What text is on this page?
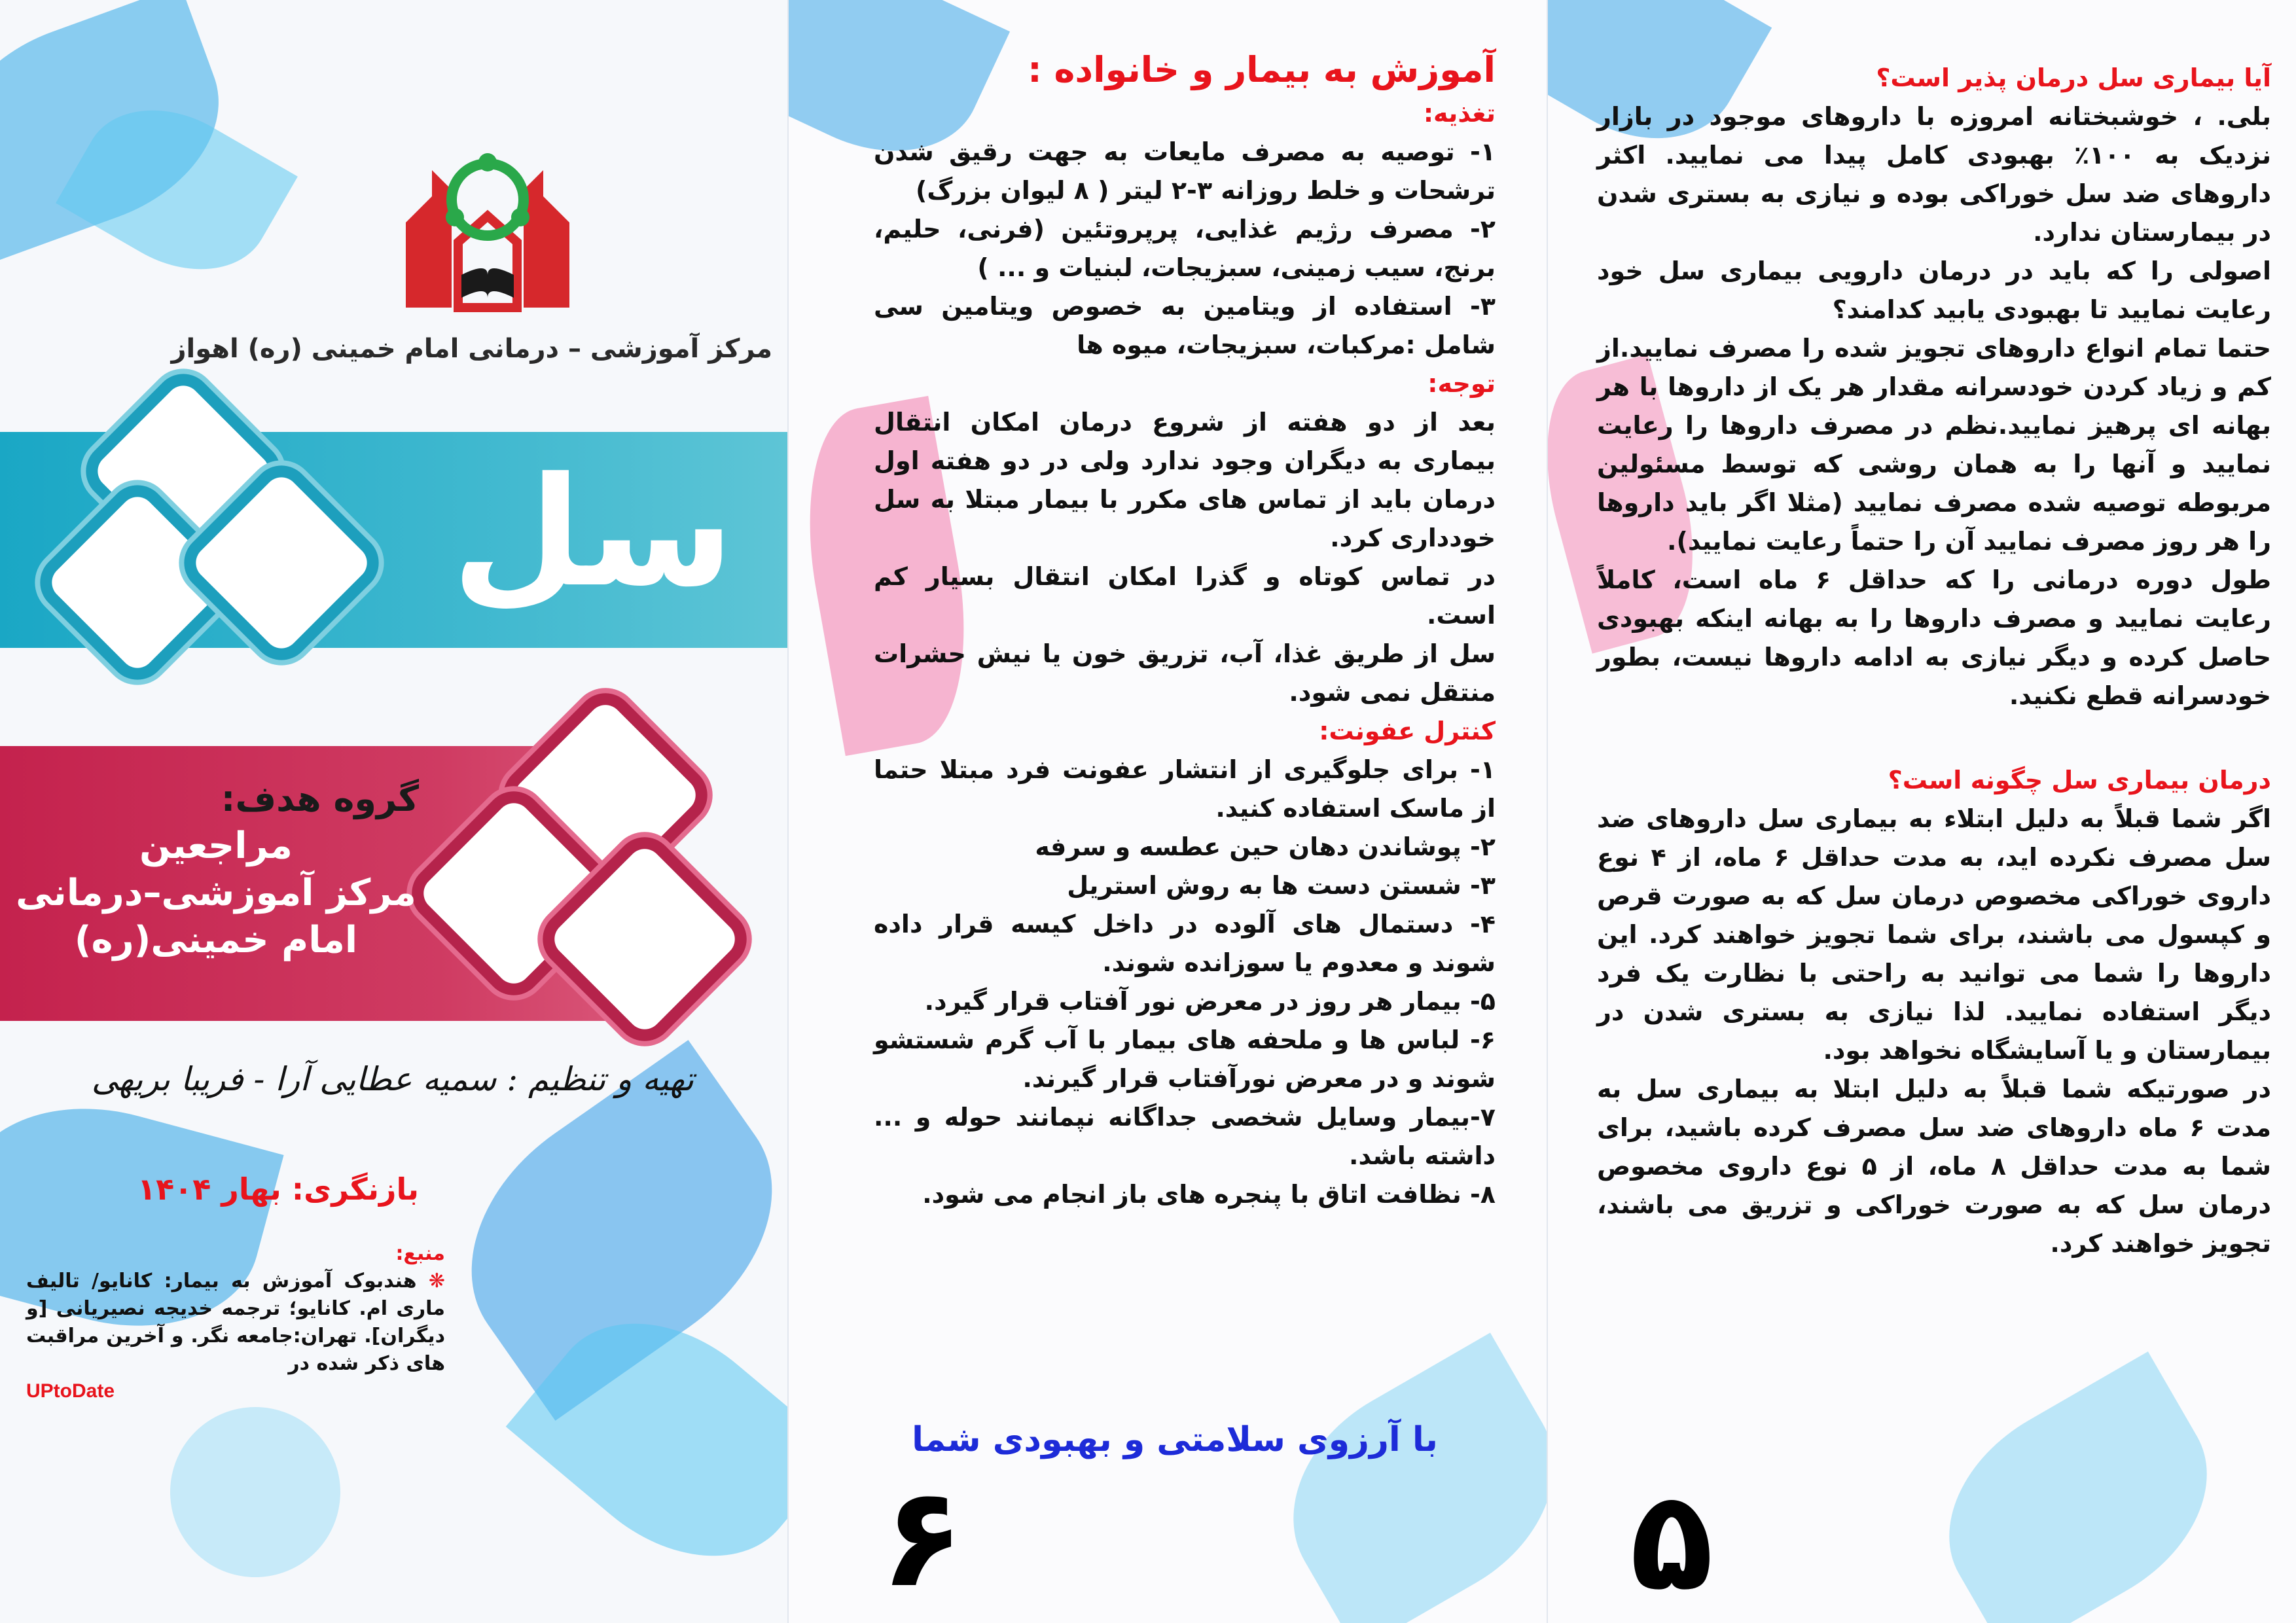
مرکز آموزشی – درمانی امام خمینی (ره) اهواز
سل
گروه هدف:
مراجعین
مرکز آموزشی–درمانی
امام خمینی(ره)
تهیه و تنظیم : سمیه عطایی آرا - فریبا بریهی
بازنگری: بهار ۱۴۰۴
منبع:
❋ هندبوک آموزش به بیمار: کانایو/ تالیف ماری ام. کانایو؛ ترجمه خدیجه نصیریانی [و دیگران]. تهران:جامعه نگر. و آخرین مراقبت های ذکر شده در
UPtoDate

آموزش به بیمار و خانواده :

تغذیه:

۱- توصیه به مصرف مایعات به جهت رقیق شدن ترشحات و خلط روزانه ۳-۲ لیتر ( ۸ لیوان بزرگ)

۲- مصرف رژیم غذایی، پرپروتئین (فرنی، حلیم، برنج، سیب زمینی، سبزیجات، لبنیات و ... )

۳- استفاده از ویتامین به خصوص ویتامین سی شامل :مرکبات، سبزیجات، میوه ها

توجه:

بعد از دو هفته از شروع درمان امکان انتقال بیماری به دیگران وجود ندارد ولی در دو هفته اول درمان باید از تماس های مکرر با بیمار مبتلا به سل خودداری کرد.

در تماس کوتاه و گذرا امکان انتقال بسیار کم است.

سل از طریق غذا، آب، تزریق خون یا نیش حشرات منتقل نمی شود.

کنترل عفونت:

۱- برای جلوگیری از انتشار عفونت فرد مبتلا حتما از ماسک استفاده کنید.

۲- پوشاندن دهان حین عطسه و سرفه

۳- شستن دست ها به روش استریل

۴- دستمال های آلوده در داخل کیسه قرار داده شوند و معدوم یا سوزانده شوند.

۵- بیمار هر روز در معرض نور آفتاب قرار گیرد.

۶- لباس ها و ملحفه های بیمار با آب گرم شستشو شوند و در معرض نورآفتاب قرار گیرند.

۷-بیمار وسایل شخصی جداگانه نپمانند حوله و ... داشته باشد.

۸- نظافت اتاق با پنجره های باز انجام می شود.

با آرزوی سلامتی و بهبودی شما
۶

آیا بیماری سل درمان پذیر است؟

بلی. ، خوشبختانه امروزه با داروهای موجود در بازار نزدیک به ۱۰۰٪ بهبودی کامل پیدا می نمایید. اکثر داروهای ضد سل خوراکی بوده و نیازی به بستری شدن در بیمارستان ندارد.

اصولی را که باید در درمان دارویی بیماری سل خود رعایت نمایید تا بهبودی یابید کدامند؟

حتما تمام انواع داروهای تجویز شده را مصرف نمایید.از کم و زیاد کردن خودسرانه مقدار هر یک از داروها با هر بهانه ای پرهیز نمایید.نظم در مصرف داروها را رعایت نمایید و آنها را به همان روشی که توسط مسئولین مربوطه توصیه شده مصرف نمایید (مثلا اگر باید داروها را هر روز مصرف نمایید آن را حتماً رعایت نمایید).

طول دوره درمانی را که حداقل ۶ ماه است، کاملاً رعایت نمایید و مصرف داروها را به بهانه اینکه بهبودی حاصل کرده و دیگر نیازی به ادامه داروها نیست، بطور خودسرانه قطع نکنید.

درمان بیماری سل چگونه است؟

اگر شما قبلاً به دلیل ابتلاء به بیماری سل داروهای ضد سل مصرف نکرده اید، به مدت حداقل ۶ ماه، از ۴ نوع داروی خوراکی مخصوص درمان سل که به صورت قرص و کپسول می باشند، برای شما تجویز خواهند کرد. این داروها را شما می توانید به راحتی با نظارت یک فرد دیگر استفاده نمایید. لذا نیازی به بستری شدن در بیمارستان و یا آسایشگاه نخواهد بود.

در صورتیکه شما قبلاً به دلیل ابتلا به بیماری سل به مدت ۶ ماه داروهای ضد سل مصرف کرده باشید، برای شما به مدت حداقل ۸ ماه، از ۵ نوع داروی مخصوص درمان سل که به صورت خوراکی و تزریق می باشند، تجویز خواهند کرد.

۵
